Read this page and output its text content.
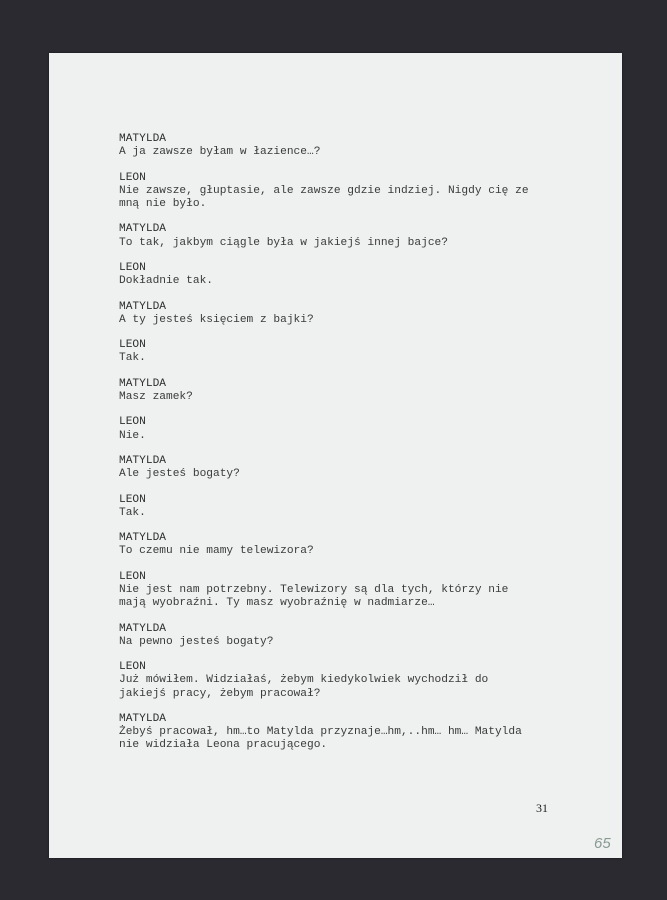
MATYLDA
A ja zawsze byłam w łazience…?
LEON
Nie zawsze, głuptasie, ale zawsze gdzie indziej. Nigdy cię ze
mną nie było.
MATYLDA
To tak, jakbym ciągle była w jakiejś innej bajce?
LEON
Dokładnie tak.
MATYLDA
A ty jesteś księciem z bajki?
LEON
Tak.
MATYLDA
Masz zamek?
LEON
Nie.
MATYLDA
Ale jesteś bogaty?
LEON
Tak.
MATYLDA
To czemu nie mamy telewizora?
LEON
Nie jest nam potrzebny. Telewizory są dla tych, którzy nie
mają wyobraźni. Ty masz wyobraźnię w nadmiarze…
MATYLDA
Na pewno jesteś bogaty?
LEON
Już mówiłem. Widziałaś, żebym kiedykolwiek wychodził do
jakiejś pracy, żebym pracował?
MATYLDA
Żebyś pracował, hm…to Matylda przyznaje…hm,..hm… hm… Matylda
nie widziała Leona pracującego.
31
65
